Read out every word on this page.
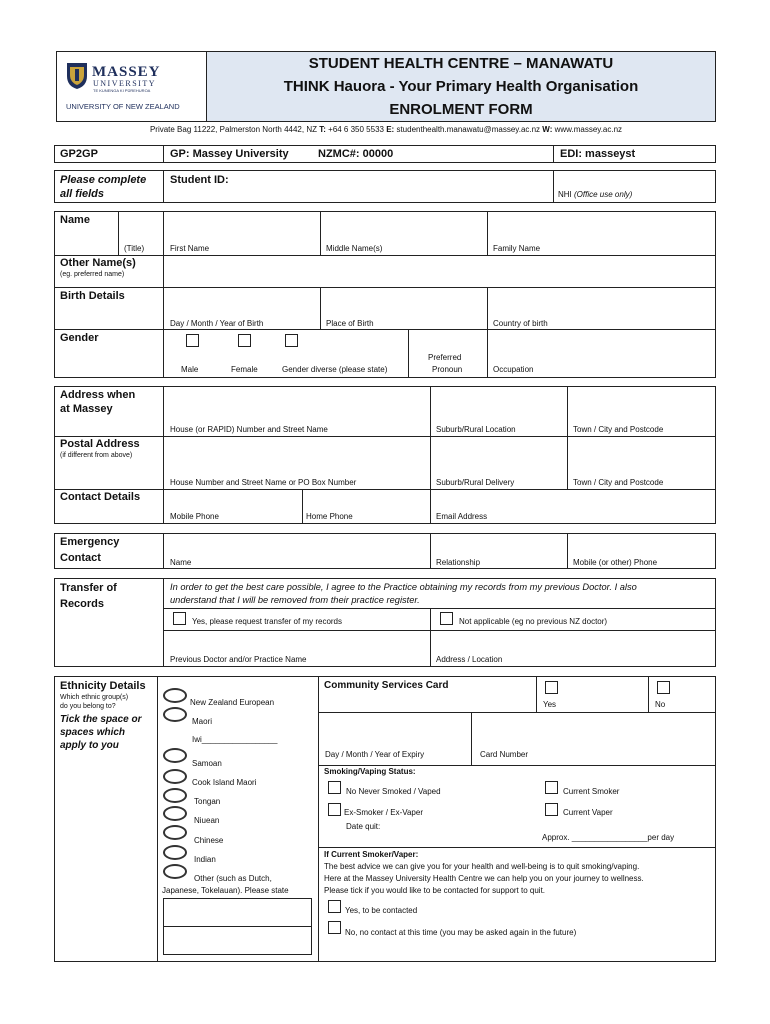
MASSEY
UNIVERSITY
TE KUNENGA KI PŪREHUROA
UNIVERSITY OF NEW ZEALAND
STUDENT HEALTH CENTRE – MANAWATU
THINK Hauora - Your Primary Health Organisation
ENROLMENT FORM
Private Bag 11222, Palmerston North 4442, NZ T: +64 6 350 5533 E: studenthealth.manawatu@massey.ac.nz W: www.massey.ac.nz
GP2GP	GP: Massey University	NZMC#: 00000	EDI: masseyst
Please complete
all fields
Student ID:
NHI (Office use only)
Name
(Title)	First Name	Middle Name(s)	Family Name
Other Name(s)
(eg. preferred name)
Birth Details
Day / Month / Year of Birth	Place of Birth	Country of birth
Gender
Male	Female	Gender diverse (please state)
Preferred
Pronoun	Occupation
Address when
at Massey
House (or RAPID) Number and Street Name	Suburb/Rural Location	Town / City and Postcode
Postal Address
(if different from above)
House Number and Street Name or PO Box Number	Suburb/Rural Delivery	Town / City and Postcode
Contact Details
Mobile Phone	Home Phone	Email Address
Emergency
Contact	Name	Relationship	Mobile (or other) Phone
Transfer of
Records
In order to get the best care possible, I agree to the Practice obtaining my records from my previous Doctor. I also
understand that I will be removed from their practice register.
Yes, please request transfer of my records	Not applicable (eg no previous NZ doctor)
Previous Doctor and/or Practice Name	Address / Location
Ethnicity Details
Which ethnic group(s)
do you belong to?
Tick the space or
spaces which
apply to you
New Zealand European
Maori
Iwi_________________
Samoan
Cook Island Maori
Tongan
Niuean
Chinese
Indian
Other (such as Dutch,
Japanese, Tokelauan). Please state
Community Services Card
Yes	No
Day / Month / Year of Expiry	Card Number
Smoking/Vaping Status:
No Never Smoked / Vaped	Current Smoker
Ex-Smoker / Ex-Vaper
Date quit:
Current Vaper
Approx. _________________per day
If Current Smoker/Vaper:
The best advice we can give you for your health and well-being is to quit smoking/vaping.
Here at the Massey University Health Centre we can help you on your journey to wellness.
Please tick if you would like to be contacted for support to quit.
Yes, to be contacted
No, no contact at this time (you may be asked again in the future)
